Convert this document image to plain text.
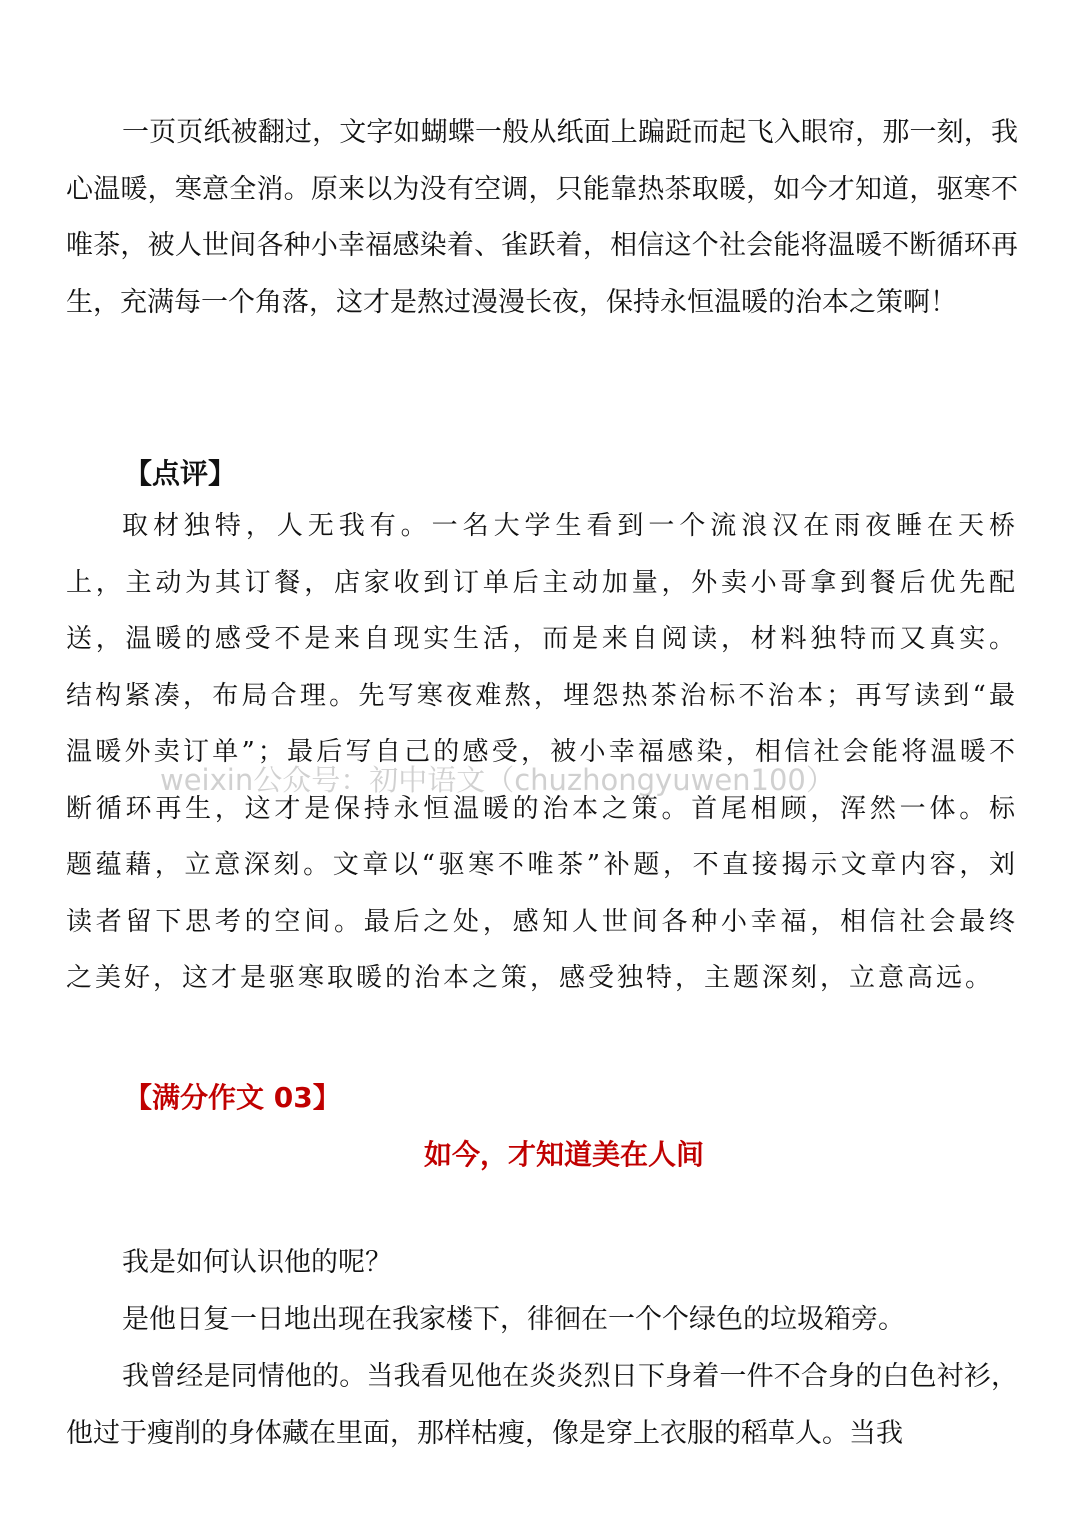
一页页纸被翻过，文字如蝴蝶一般从纸面上蹁跹而起飞入眼帘，那一刻，我心温暖，寒意全消。原来以为没有空调，只能靠热茶取暖，如今才知道，驱寒不唯茶，被人世间各种小幸福感染着、雀跃着，相信这个社会能将温暖不断循环再生，充满每一个角落，这才是熬过漫漫长夜，保持永恒温暖的治本之策啊！

【点评】

取材独特，人无我有。一名大学生看到一个流浪汉在雨夜睡在天桥上，主动为其订餐，店家收到订单后主动加量，外卖小哥拿到餐后优先配送，温暖的感受不是来自现实生活，而是来自阅读，材料独特而又真实。结构紧凑，布局合理。先写寒夜难熬，埋怨热茶治标不治本；再写读到“最温暖外卖订单”；最后写自己的感受，被小幸福感染，相信社会能将温暖不断循环再生，这才是保持永恒温暖的治本之策。首尾相顾，浑然一体。标题蕴藉，立意深刻。文章以“驱寒不唯茶”补题，不直接揭示文章内容，刘读者留下思考的空间。最后之处，感知人世间各种小幸福，相信社会最终之美好，这才是驱寒取暖的治本之策，感受独特，主题深刻，立意高远。

weixin公众号：初中语文（chuzhongyuwen100）
【满分作文 03】
如今，才知道美在人间

我是如何认识他的呢？

是他日复一日地出现在我家楼下，徘徊在一个个绿色的垃圾箱旁。

我曾经是同情他的。当我看见他在炎炎烈日下身着一件不合身的白色衬衫，他过于瘦削的身体藏在里面，那样枯瘦，像是穿上衣服的稻草人。当我
